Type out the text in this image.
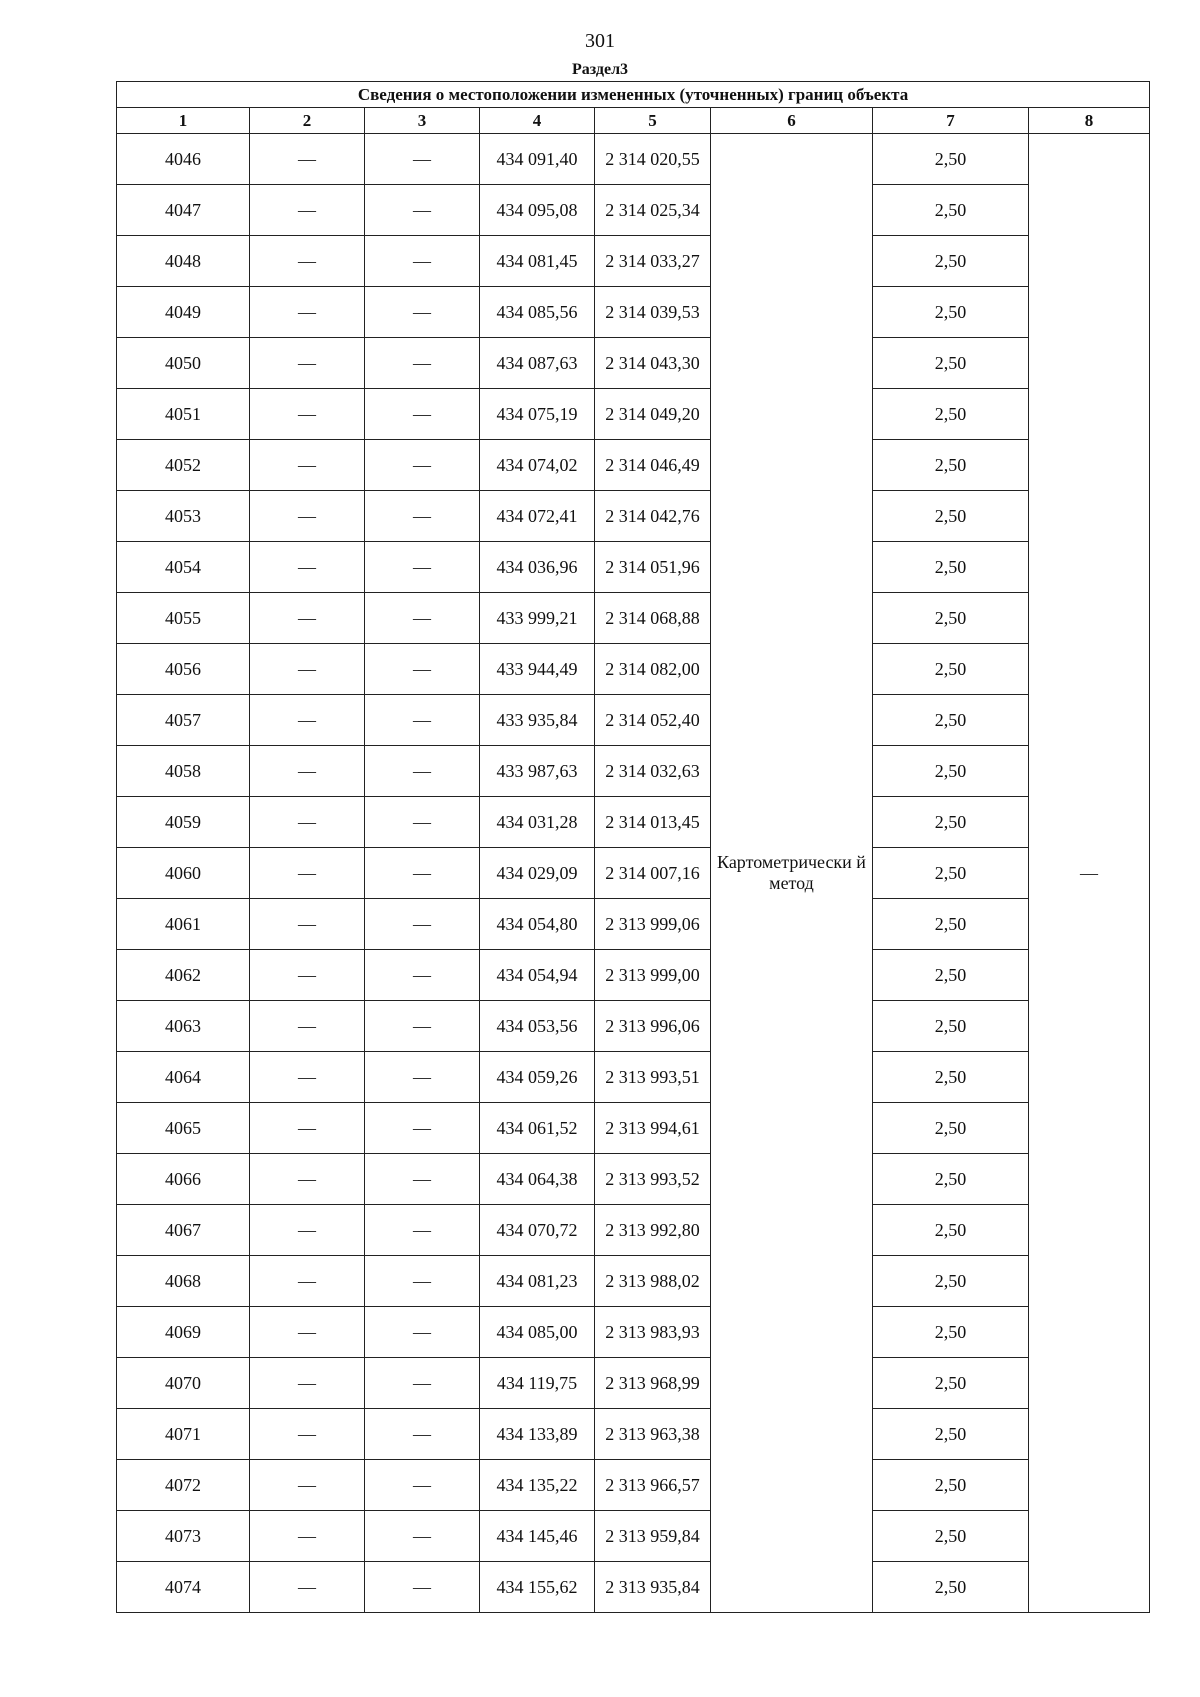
301
Раздел3
Сведения о местоположении измененных (уточненных) границ объекта							
1	2	3	4	5	6	7	8
4046	—	—	434 091,40	2 314 020,55	Картометрически й метод	2,50	—
4047	—	—	434 095,08	2 314 025,34		2,50	
4048	—	—	434 081,45	2 314 033,27		2,50	
4049	—	—	434 085,56	2 314 039,53		2,50	
4050	—	—	434 087,63	2 314 043,30		2,50	
4051	—	—	434 075,19	2 314 049,20		2,50	
4052	—	—	434 074,02	2 314 046,49		2,50	
4053	—	—	434 072,41	2 314 042,76		2,50	
4054	—	—	434 036,96	2 314 051,96		2,50	
4055	—	—	433 999,21	2 314 068,88		2,50	
4056	—	—	433 944,49	2 314 082,00		2,50	
4057	—	—	433 935,84	2 314 052,40		2,50	
4058	—	—	433 987,63	2 314 032,63		2,50	
4059	—	—	434 031,28	2 314 013,45		2,50	
4060	—	—	434 029,09	2 314 007,16		2,50	
4061	—	—	434 054,80	2 313 999,06		2,50	
4062	—	—	434 054,94	2 313 999,00		2,50	
4063	—	—	434 053,56	2 313 996,06		2,50	
4064	—	—	434 059,26	2 313 993,51		2,50	
4065	—	—	434 061,52	2 313 994,61		2,50	
4066	—	—	434 064,38	2 313 993,52		2,50	
4067	—	—	434 070,72	2 313 992,80		2,50	
4068	—	—	434 081,23	2 313 988,02		2,50	
4069	—	—	434 085,00	2 313 983,93		2,50	
4070	—	—	434 119,75	2 313 968,99		2,50	
4071	—	—	434 133,89	2 313 963,38		2,50	
4072	—	—	434 135,22	2 313 966,57		2,50	
4073	—	—	434 145,46	2 313 959,84		2,50	
4074	—	—	434 155,62	2 313 935,84		2,50	
